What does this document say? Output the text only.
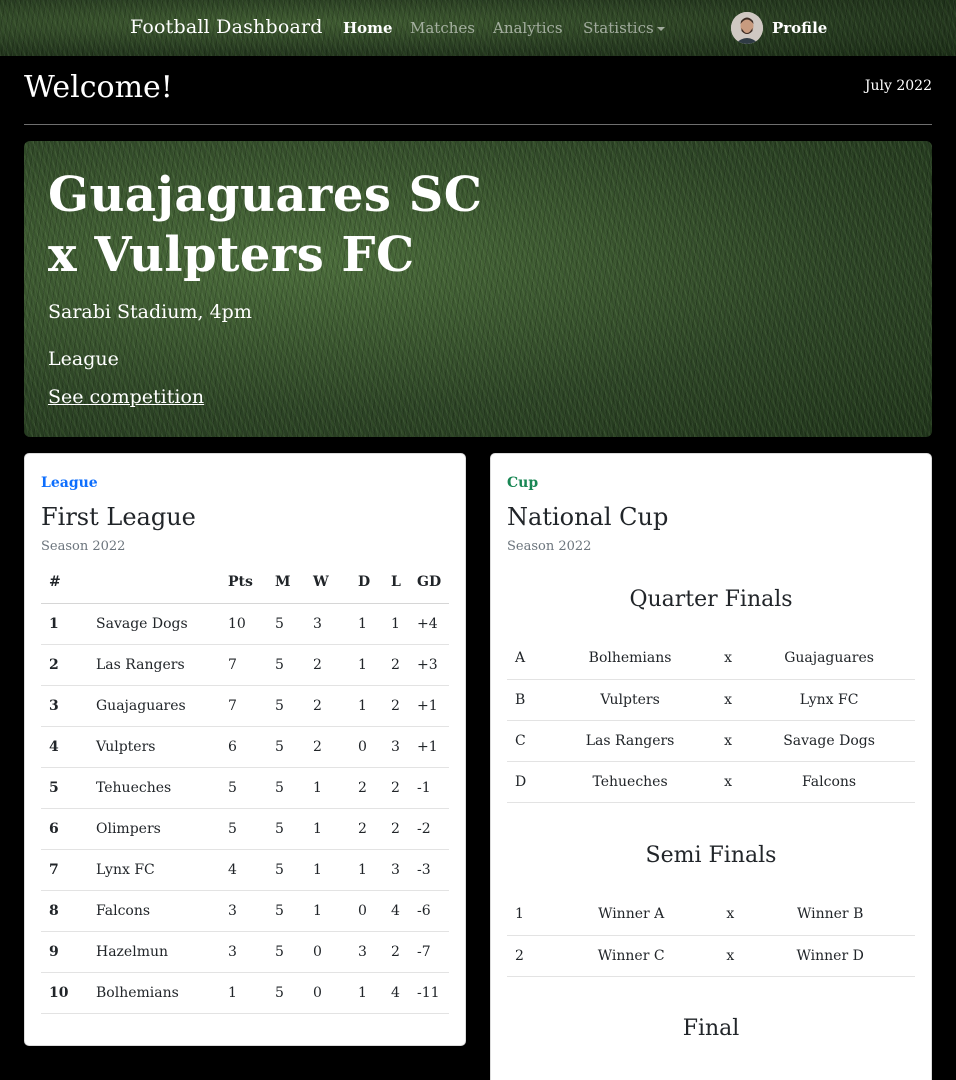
Football Dashboard Home Matches Analytics Statistics	Profile
Welcome!	July 2022
Guajaguares SC x Vulpters FC
Sarabi Stadium, 4pm
League
See competition
League
First League
Season 2022
#		Pts	M	W	D	L	GD
1	Savage Dogs	10	5	3	1	1	+4
2	Las Rangers	7	5	2	1	2	+3
3	Guajaguares	7	5	2	1	2	+1
4	Vulpters	6	5	2	0	3	+1
5	Tehueches	5	5	1	2	2	-1
6	Olimpers	5	5	1	2	2	-2
7	Lynx FC	4	5	1	1	3	-3
8	Falcons	3	5	1	0	4	-6
9	Hazelmun	3	5	0	3	2	-7
10	Bolhemians	1	5	0	1	4	-11
Cup
National Cup
Season 2022
Quarter Finals
A	Bolhemians	x	Guajaguares
B	Vulpters	x	Lynx FC
C	Las Rangers	x	Savage Dogs
D	Tehueches	x	Falcons
Semi Finals
1	Winner A	x	Winner B
2	Winner C	x	Winner D
Final
